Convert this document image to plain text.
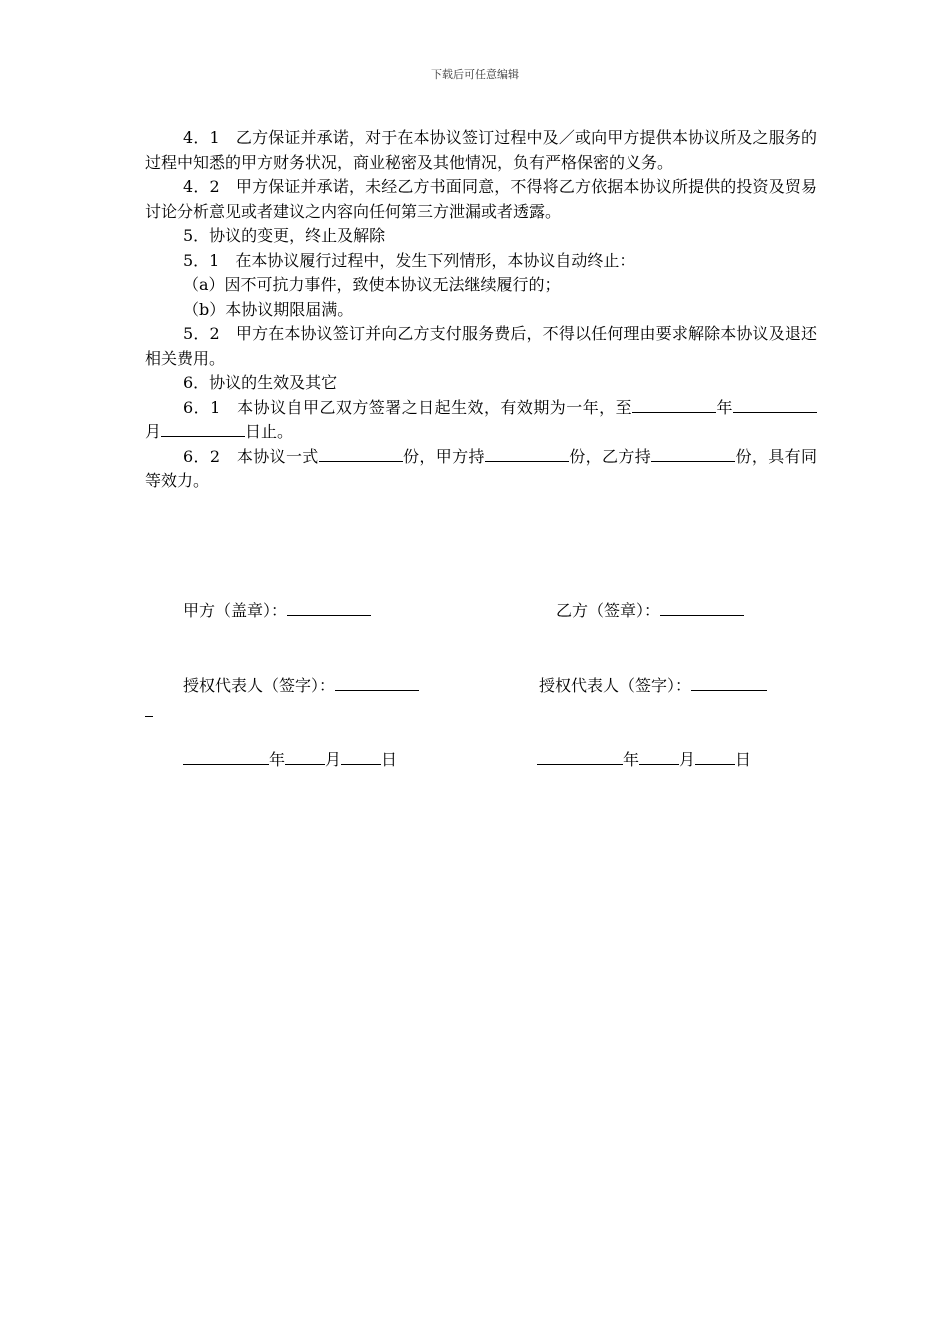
下载后可任意编辑

4．1　乙方保证并承诺，对于在本协议签订过程中及／或向甲方提供本协议所及之服务的过程中知悉的甲方财务状况，商业秘密及其他情况，负有严格保密的义务。

4．2　甲方保证并承诺，未经乙方书面同意，不得将乙方依据本协议所提供的投资及贸易讨论分析意见或者建议之内容向任何第三方泄漏或者透露。

5．协议的变更，终止及解除

5．1　在本协议履行过程中，发生下列情形，本协议自动终止：

（a）因不可抗力事件，致使本协议无法继续履行的；

（b）本协议期限届满。

5．2　甲方在本协议签订并向乙方支付服务费后，不得以任何理由要求解除本协议及退还相关费用。

6．协议的生效及其它

6．1　本协议自甲乙双方签署之日起生效，有效期为一年，至	年月	日止。

6．2　本协议一式	份，甲方持	份，乙方持	份，具有同等效力。

甲方（盖章）：	乙方（签章）：
授权代表人（签字）：	授权代表人（签字）：
年	月	日	年	月	日
